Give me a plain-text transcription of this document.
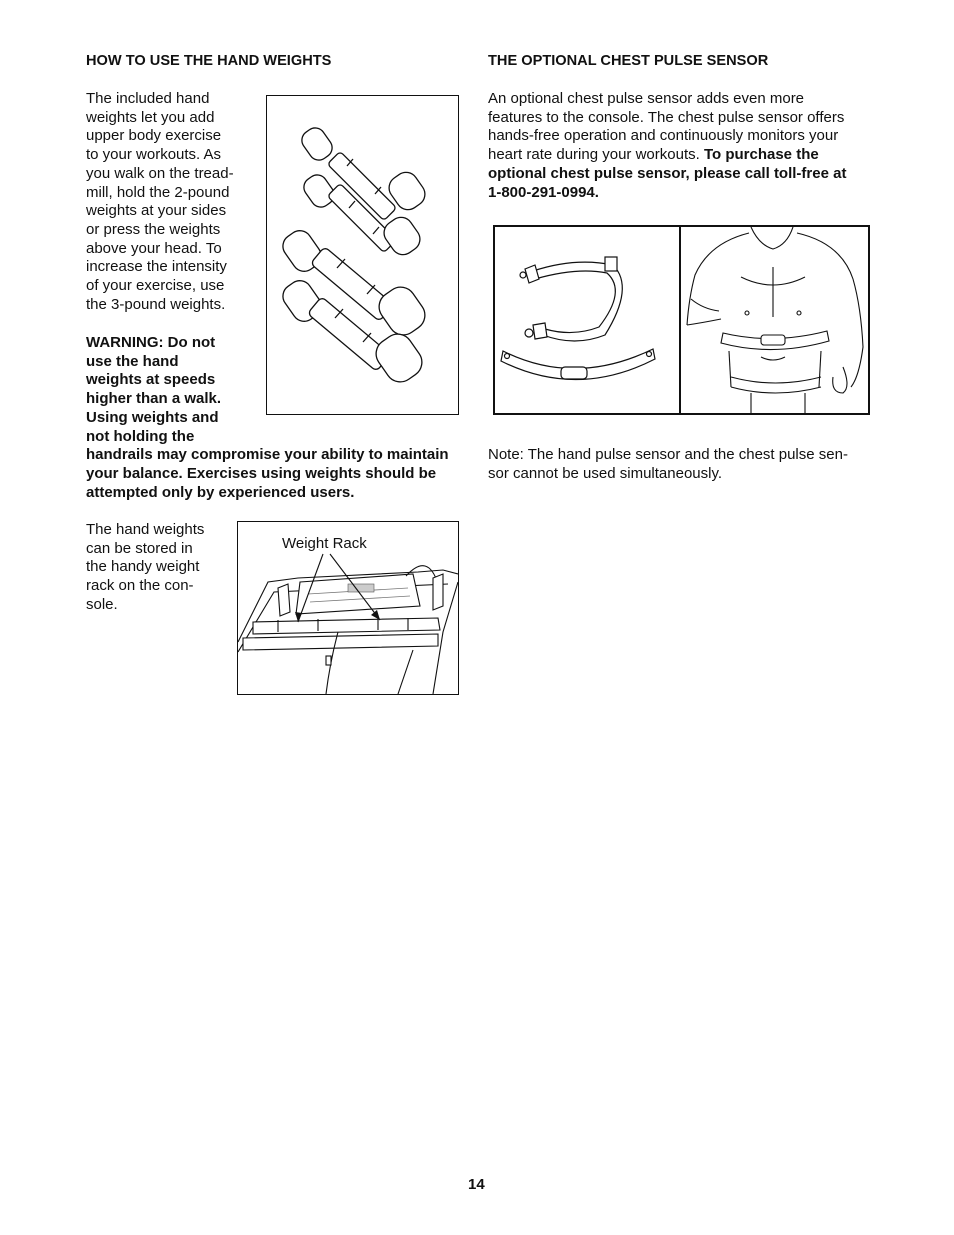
HOW TO USE THE HAND WEIGHTS

The included hand

weights let you add

upper body exercise

to your workouts. As

you walk on the tread-

mill, hold the 2-pound

weights at your sides

or press the weights

above your head. To

increase the intensity

of your exercise, use

the 3-pound weights.

WARNING: Do not

use the hand

weights at speeds

higher than a walk.

Using weights and

not holding the

handrails may compromise your ability to maintain

your balance. Exercises using weights should be

attempted only by experienced users.

The hand weights

can be stored in

the handy weight

rack on the con-

sole.

Weight Rack
THE OPTIONAL CHEST PULSE SENSOR

An optional chest pulse sensor adds even more

features to the console. The chest pulse sensor offers

hands-free operation and continuously monitors your

heart rate during your workouts. To purchase the

optional chest pulse sensor, please call toll-free at

1-800-291-0994.

Note: The hand pulse sensor and the chest pulse sen-

sor cannot be used simultaneously.

14
